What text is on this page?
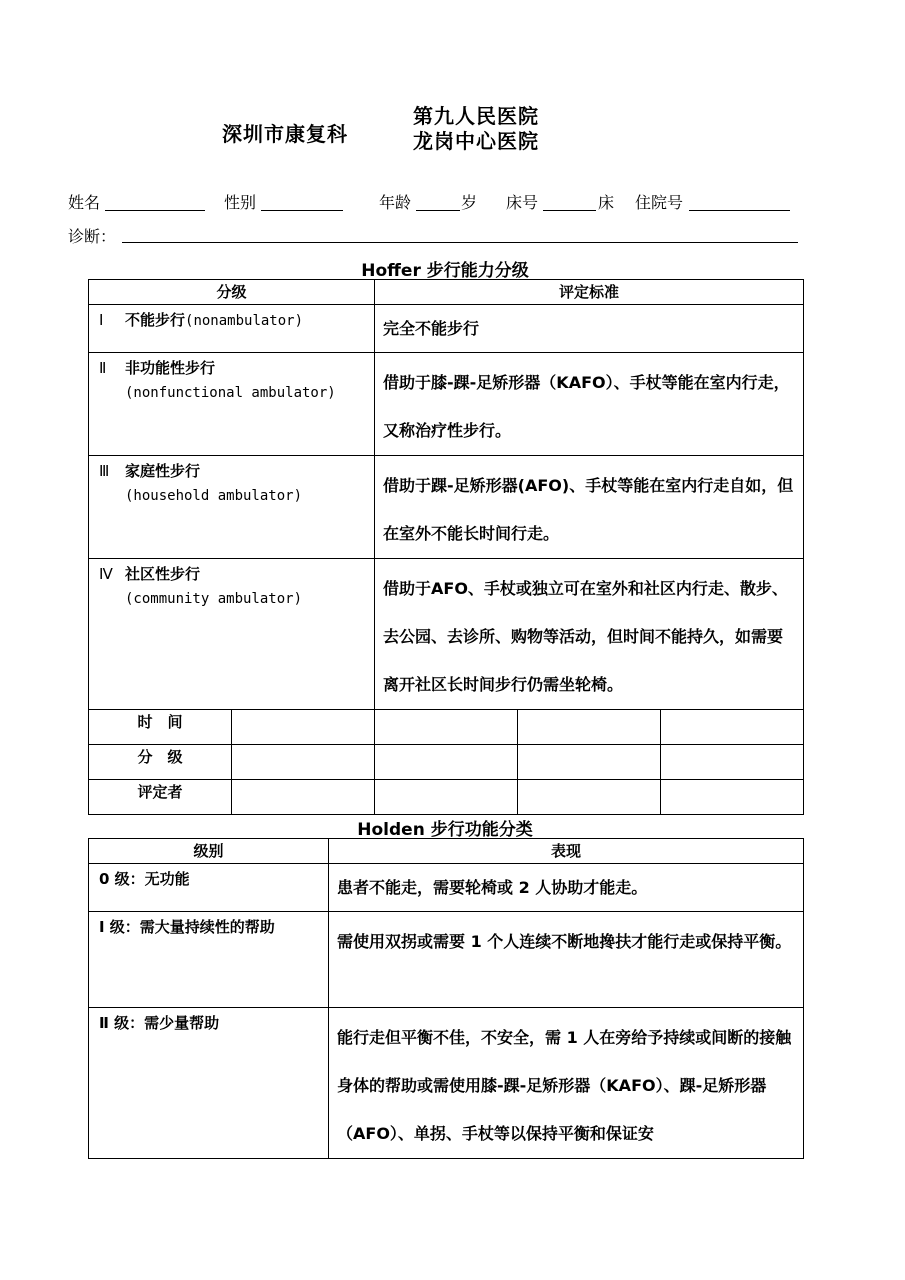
深圳市康复科
第九人民医院
龙岗中心医院
姓名	性别	年龄	岁 床号	床 住院号
诊断：
Hoffer 步行能力分级
分级		评定标准		
Ⅰ 不能步行(nonambulator)		完全不能步行		
Ⅱ 非功能性步行
(nonfunctional ambulator)		借助于膝-踝-足矫形器（KAFO）、手杖等能在室内行走，又称治疗性步行。		
Ⅲ 家庭性步行
(household ambulator)		借助于踝-足矫形器(AFO)、手杖等能在室内行走自如，但在室外不能长时间行走。		
Ⅳ 社区性步行
(community ambulator)		借助于AFO、手杖或独立可在室外和社区内行走、散步、去公园、去诊所、购物等活动，但时间不能持久，如需要离开社区长时间步行仍需坐轮椅。		
时　间				
分　级				
评定者				
Holden 步行功能分类
级别	表现
0 级：无功能	患者不能走，需要轮椅或 2 人协助才能走。
Ⅰ 级：需大量持续性的帮助	需使用双拐或需要 1 个人连续不断地搀扶才能行走或保持平衡。
Ⅱ 级：需少量帮助	能行走但平衡不佳，不安全，需 1 人在旁给予持续或间断的接触身体的帮助或需使用膝-踝-足矫形器（KAFO）、踝-足矫形器（AFO）、单拐、手杖等以保持平衡和保证安
